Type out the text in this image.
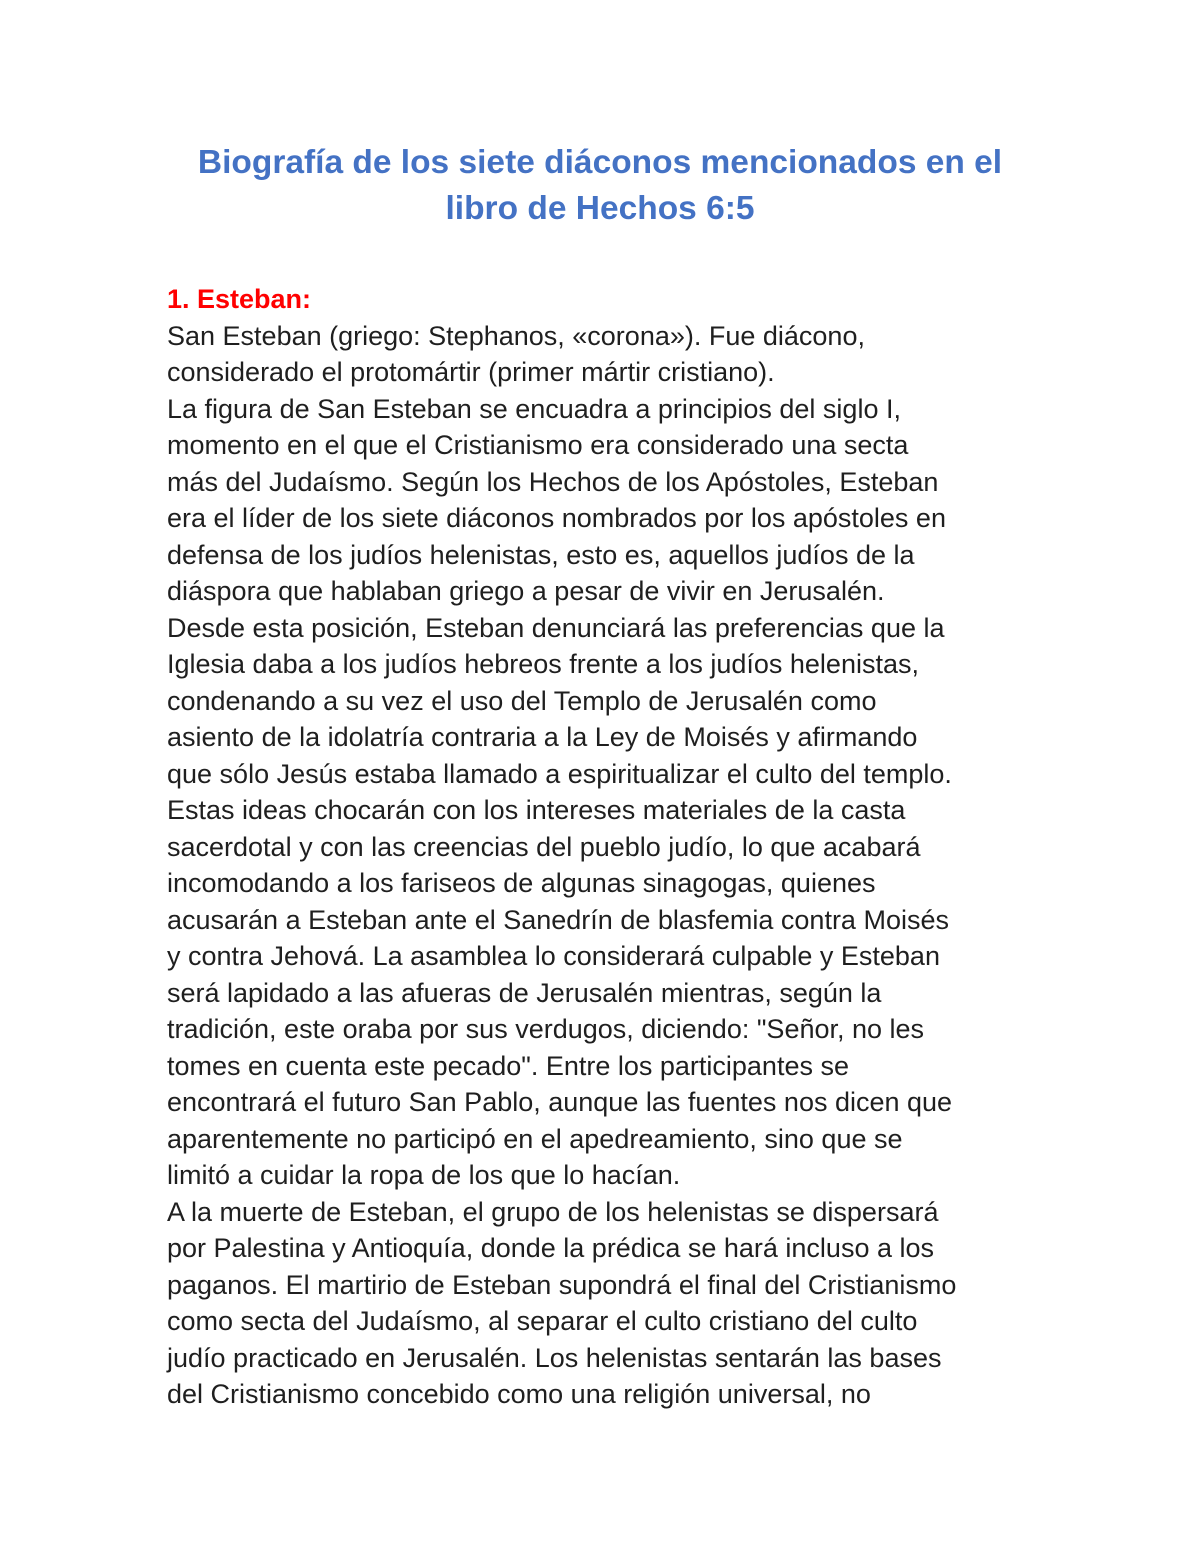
Biografía de los siete diáconos mencionados en el
libro de Hechos 6:5
1. Esteban:
San Esteban (griego: Stephanos, «corona»). Fue diácono,
considerado el protomártir (primer mártir cristiano).
La figura de San Esteban se encuadra a principios del siglo I,
momento en el que el Cristianismo era considerado una secta
más del Judaísmo. Según los Hechos de los Apóstoles, Esteban
era el líder de los siete diáconos nombrados por los apóstoles en
defensa de los judíos helenistas, esto es, aquellos judíos de la
diáspora que hablaban griego a pesar de vivir en Jerusalén.
Desde esta posición, Esteban denunciará las preferencias que la
Iglesia daba a los judíos hebreos frente a los judíos helenistas,
condenando a su vez el uso del Templo de Jerusalén como
asiento de la idolatría contraria a la Ley de Moisés y afirmando
que sólo Jesús estaba llamado a espiritualizar el culto del templo.
Estas ideas chocarán con los intereses materiales de la casta
sacerdotal y con las creencias del pueblo judío, lo que acabará
incomodando a los fariseos de algunas sinagogas, quienes
acusarán a Esteban ante el Sanedrín de blasfemia contra Moisés
y contra Jehová. La asamblea lo considerará culpable y Esteban
será lapidado a las afueras de Jerusalén mientras, según la
tradición, este oraba por sus verdugos, diciendo: "Señor, no les
tomes en cuenta este pecado". Entre los participantes se
encontrará el futuro San Pablo, aunque las fuentes nos dicen que
aparentemente no participó en el apedreamiento, sino que se
limitó a cuidar la ropa de los que lo hacían.
A la muerte de Esteban, el grupo de los helenistas se dispersará
por Palestina y Antioquía, donde la prédica se hará incluso a los
paganos. El martirio de Esteban supondrá el final del Cristianismo
como secta del Judaísmo, al separar el culto cristiano del culto
judío practicado en Jerusalén. Los helenistas sentarán las bases
del Cristianismo concebido como una religión universal, no
